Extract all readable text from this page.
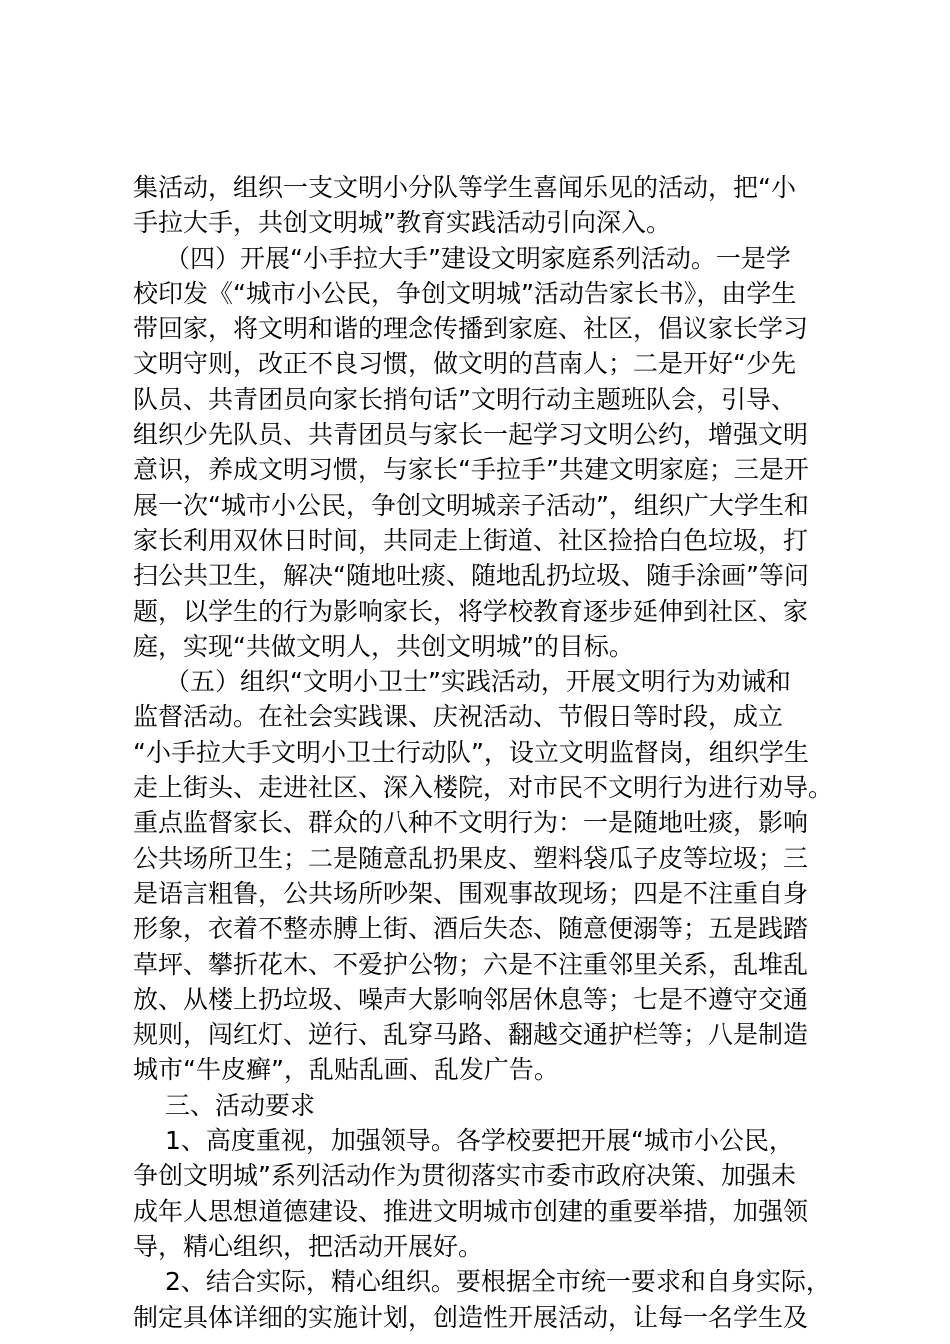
集活动，组织一支文明小分队等学生喜闻乐见的活动，把“小
手拉大手，共创文明城”教育实践活动引向深入。
（四）开展“小手拉大手”建设文明家庭系列活动。一是学
校印发《“城市小公民，争创文明城”活动告家长书》，由学生
带回家，将文明和谐的理念传播到家庭、社区，倡议家长学习
文明守则，改正不良习惯，做文明的莒南人；二是开好“少先
队员、共青团员向家长捎句话”文明行动主题班队会，引导、
组织少先队员、共青团员与家长一起学习文明公约，增强文明
意识，养成文明习惯，与家长“手拉手”共建文明家庭；三是开
展一次“城市小公民，争创文明城亲子活动”，组织广大学生和
家长利用双休日时间，共同走上街道、社区捡拾白色垃圾，打
扫公共卫生，解决“随地吐痰、随地乱扔垃圾、随手涂画”等问
题，以学生的行为影响家长，将学校教育逐步延伸到社区、家
庭，实现“共做文明人，共创文明城”的目标。
（五）组织“文明小卫士”实践活动，开展文明行为劝诫和
监督活动。在社会实践课、庆祝活动、节假日等时段，成立
“小手拉大手文明小卫士行动队”，设立文明监督岗，组织学生
走上街头、走进社区、深入楼院，对市民不文明行为进行劝导。
重点监督家长、群众的八种不文明行为：一是随地吐痰，影响
公共场所卫生；二是随意乱扔果皮、塑料袋瓜子皮等垃圾；三
是语言粗鲁，公共场所吵架、围观事故现场；四是不注重自身
形象，衣着不整赤膊上街、酒后失态、随意便溺等；五是践踏
草坪、攀折花木、不爱护公物；六是不注重邻里关系，乱堆乱
放、从楼上扔垃圾、噪声大影响邻居休息等；七是不遵守交通
规则，闯红灯、逆行、乱穿马路、翻越交通护栏等；八是制造
城市“牛皮癣”，乱贴乱画、乱发广告。
三、活动要求
1、高度重视，加强领导。各学校要把开展“城市小公民，
争创文明城”系列活动作为贯彻落实市委市政府决策、加强未
成年人思想道德建设、推进文明城市创建的重要举措，加强领
导，精心组织，把活动开展好。
2、结合实际，精心组织。要根据全市统一要求和自身实际，
制定具体详细的实施计划，创造性开展活动，让每一名学生及
